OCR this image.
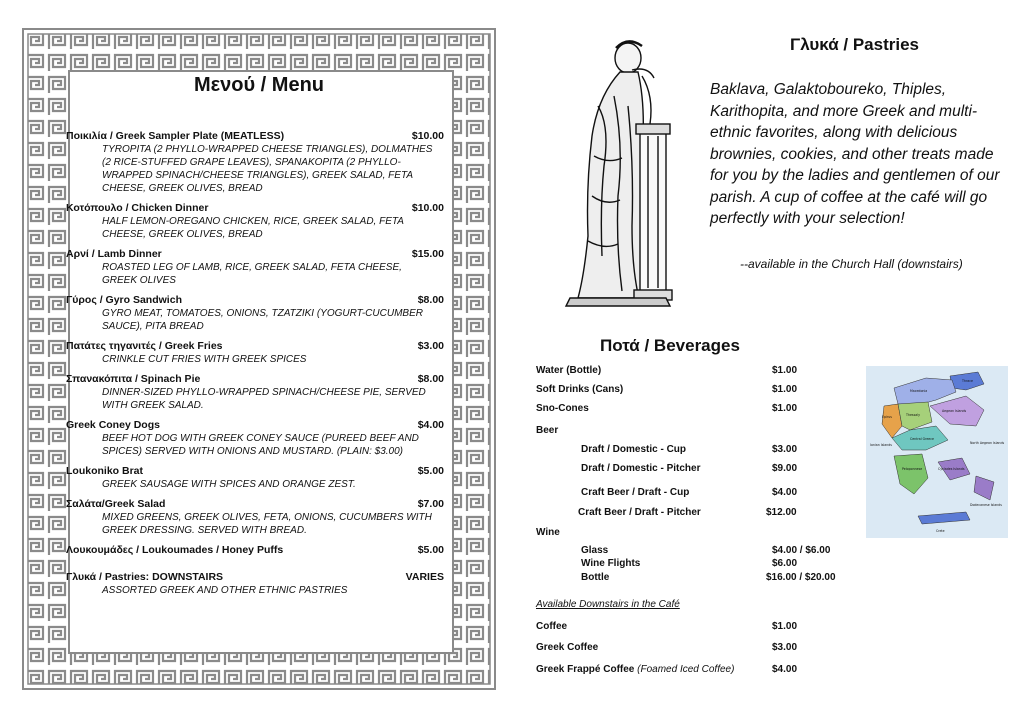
Μενού / Menu
Ποικιλία / Greek Sampler Plate (MEATLESS)	$10.00
TYROPITA (2 PHYLLO-WRAPPED CHEESE TRIANGLES), DOLMATHES (2 RICE-STUFFED GRAPE LEAVES), SPANAKOPITA (2 PHYLLO-WRAPPED SPINACH/CHEESE TRIANGLES), GREEK SALAD, FETA CHEESE, GREEK OLIVES, BREAD
Κοτόπουλο / Chicken Dinner	$10.00
HALF LEMON-OREGANO CHICKEN, RICE, GREEK SALAD, FETA CHEESE, GREEK OLIVES, BREAD
Αρνί / Lamb Dinner	$15.00
ROASTED LEG OF LAMB, RICE, GREEK SALAD, FETA CHEESE, GREEK OLIVES
Γύρος / Gyro Sandwich	$8.00
GYRO MEAT, TOMATOES, ONIONS, TZATZIKI (YOGURT-CUCUMBER SAUCE), PITA BREAD
Πατάτες τηγανιτές / Greek Fries	$3.00
CRINKLE CUT FRIES WITH GREEK SPICES
Σπανακόπιτα / Spinach Pie	$8.00
DINNER-SIZED PHYLLO-WRAPPED SPINACH/CHEESE PIE, SERVED WITH GREEK SALAD.
Greek Coney Dogs	$4.00
BEEF HOT DOG WITH GREEK CONEY SAUCE (PUREED BEEF AND SPICES) SERVED WITH ONIONS AND MUSTARD. (PLAIN: $3.00)
Loukoniko Brat	$5.00
GREEK SAUSAGE WITH SPICES AND ORANGE ZEST.
Σαλάτα/Greek Salad	$7.00
MIXED GREENS, GREEK OLIVES, FETA, ONIONS, CUCUMBERS WITH GREEK DRESSING. SERVED WITH BREAD.
Λουκουμάδες / Loukoumades / Honey Puffs	$5.00
Γλυκά / Pastries: DOWNSTAIRS	VARIES
ASSORTED GREEK AND OTHER ETHNIC PASTRIES
Γλυκά / Pastries
Baklava, Galaktoboureko, Thiples, Karithopita, and more Greek and multi-ethnic favorites, along with delicious brownies, cookies, and other treats made for you by the ladies and gentlemen of our parish. A cup of coffee at the café will go perfectly with your selection!
--available in the Church Hall (downstairs)
Ποτά / Beverages
Water (Bottle)	$1.00
Soft Drinks (Cans)	$1.00
Sno-Cones	$1.00
Beer
Draft / Domestic - Cup	$3.00
Draft / Domestic - Pitcher	$9.00
Craft Beer / Draft - Cup	$4.00
Craft Beer / Draft - Pitcher	$12.00
Wine
Glass	$4.00 / $6.00
Wine Flights	$6.00
Bottle	$16.00 / $20.00
Available Downstairs in the Café
Coffee	$1.00
Greek Coffee	$3.00
Greek Frappé Coffee (Foamed Iced Coffee)	$4.00
Thrace
Macedonia
Thessaly
Epirus
Ionian Islands
Central Greece
Peloponnese
Aegean Islands
North Aegean Islands
Cyclades Islands
Dodecanese Islands
Crete
